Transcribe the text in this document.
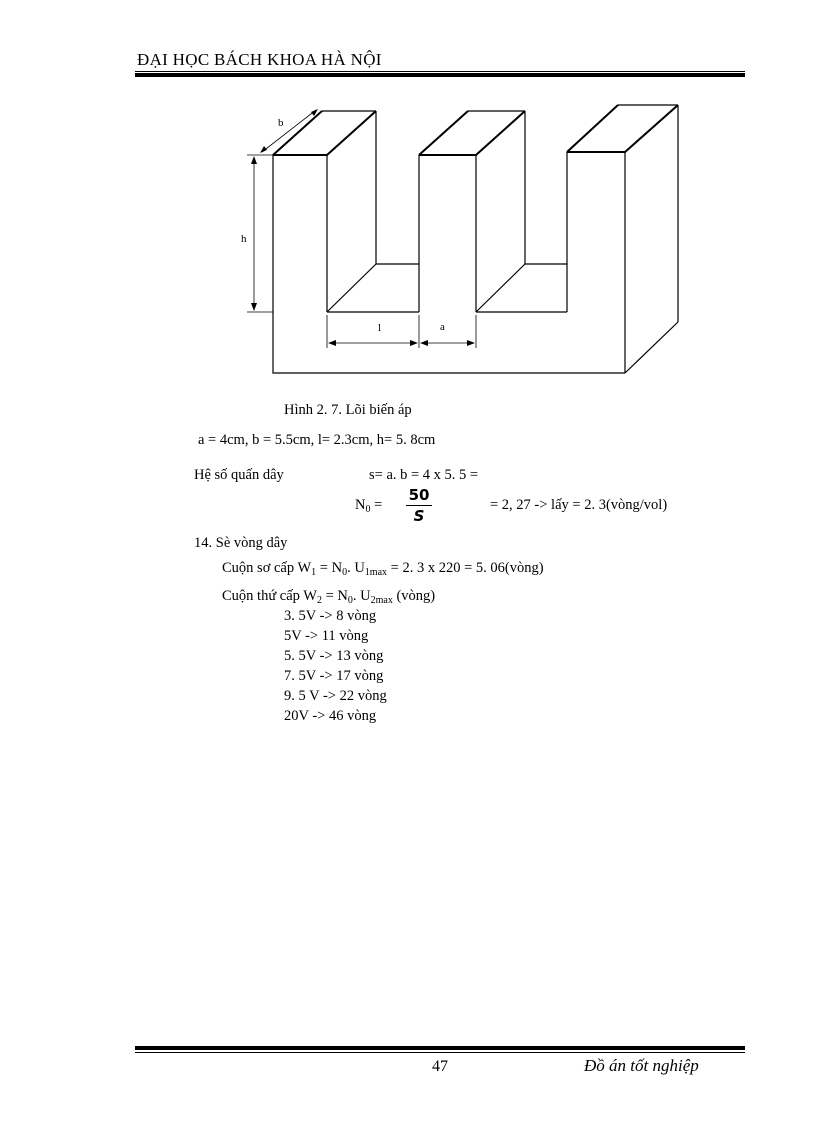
ĐẠI HỌC BÁCH KHOA HÀ NỘI
b
h
l	a
Hình 2. 7. Lõi biến áp
a = 4cm, b = 5.5cm, l= 2.3cm, h= 5. 8cm
Hệ số quấn dây	s= a. b = 4 x 5. 5 =
$N_0$ =
50
S
= 2, 27 -> lấy = 2. 3(vòng/vol)
14. Sè vòng dây
Cuộn sơ cấp $W_1 = N_0$. $U_{1max} = 2$. 3 x 220 = 5. 06(vòng)
Cuộn thứ cấp $W_2 = N_0$. $U_{2max}$ (vòng)
3. 5V -> 8 vòng
5V -> 11 vòng
5. 5V -> 13 vòng
7. 5V -> 17 vòng
9. 5 V -> 22 vòng
20V -> 46 vòng
47	Đồ án tốt nghiệp
